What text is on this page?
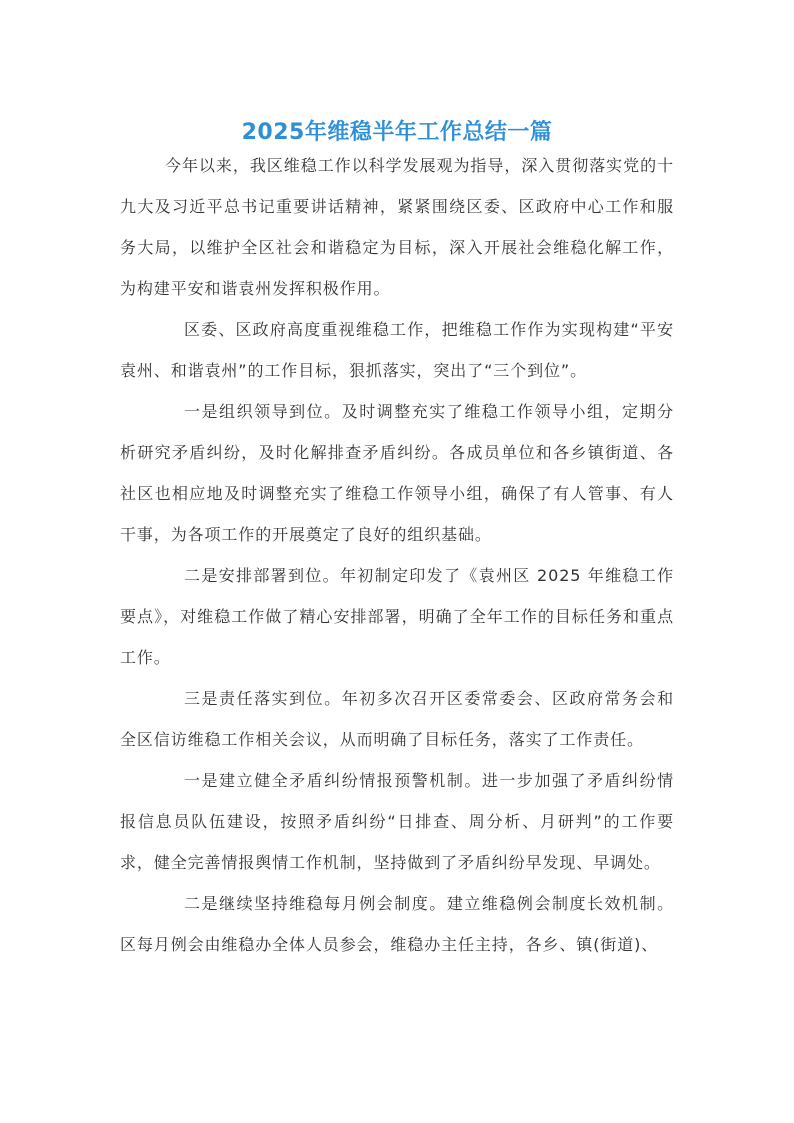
2025年维稳半年工作总结一篇

今年以来，我区维稳工作以科学发展观为指导，深入贯彻落实党的十九大及习近平总书记重要讲话精神，紧紧围绕区委、区政府中心工作和服务大局，以维护全区社会和谐稳定为目标，深入开展社会维稳化解工作，为构建平安和谐袁州发挥积极作用。

区委、区政府高度重视维稳工作，把维稳工作作为实现构建“平安袁州、和谐袁州”的工作目标，狠抓落实，突出了“三个到位”。

一是组织领导到位。及时调整充实了维稳工作领导小组，定期分析研究矛盾纠纷，及时化解排查矛盾纠纷。各成员单位和各乡镇街道、各社区也相应地及时调整充实了维稳工作领导小组，确保了有人管事、有人干事，为各项工作的开展奠定了良好的组织基础。

二是安排部署到位。年初制定印发了《袁州区 2025 年维稳工作要点》，对维稳工作做了精心安排部署，明确了全年工作的目标任务和重点工作。

三是责任落实到位。年初多次召开区委常委会、区政府常务会和全区信访维稳工作相关会议，从而明确了目标任务，落实了工作责任。

一是建立健全矛盾纠纷情报预警机制。进一步加强了矛盾纠纷情报信息员队伍建设，按照矛盾纠纷“日排查、周分析、月研判”的工作要求，健全完善情报舆情工作机制，坚持做到了矛盾纠纷早发现、早调处。

二是继续坚持维稳每月例会制度。建立维稳例会制度长效机制。区每月例会由维稳办全体人员参会，维稳办主任主持，各乡、镇(街道)、
